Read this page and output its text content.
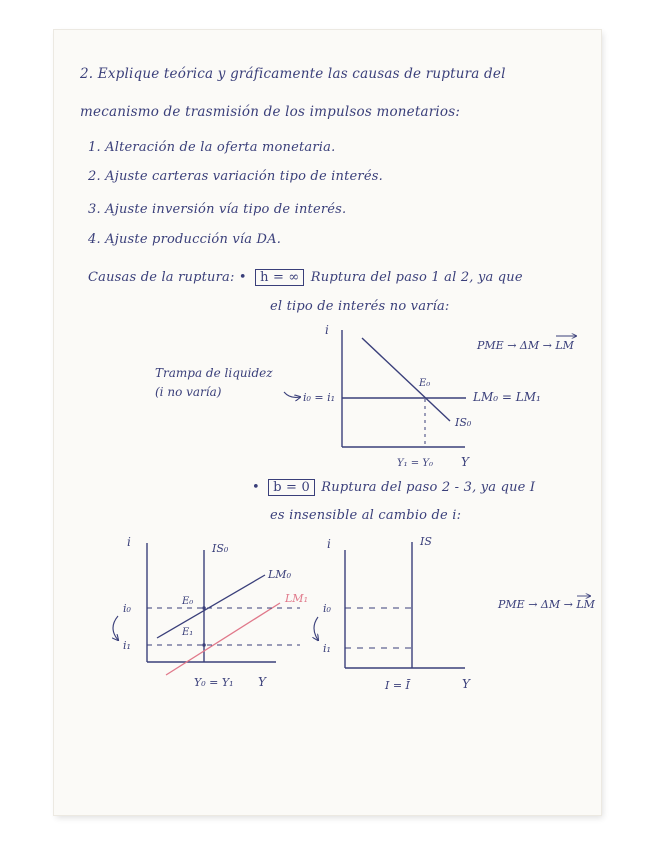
2. Explique teórica y gráficamente las causas de ruptura del
mecanismo de trasmisión de los impulsos monetarios:
1. Alteración de la oferta monetaria.
2. Ajuste carteras variación tipo de interés.
3. Ajuste inversión vía tipo de interés.
4. Ajuste producción vía DA.
Causas de la ruptura: • h = ∞ Ruptura del paso 1 al 2, ya que
el tipo de interés no varía:
• b = 0 Ruptura del paso 2 - 3, ya que I
es insensible al cambio de i:
i
Y
E₀
LM₀ = LM₁
IS₀
i₀ = i₁
Y₁ = Y₀
Trampa de liquidez
(i no varía)
PME → ΔM → LM
i
Y
IS₀
LM₀
LM₁
E₀
E₁
i₀
i₁
Y₀ = Y₁
i
Y
IS
i₀
i₁
I = Ī
PME → ΔM → LM
